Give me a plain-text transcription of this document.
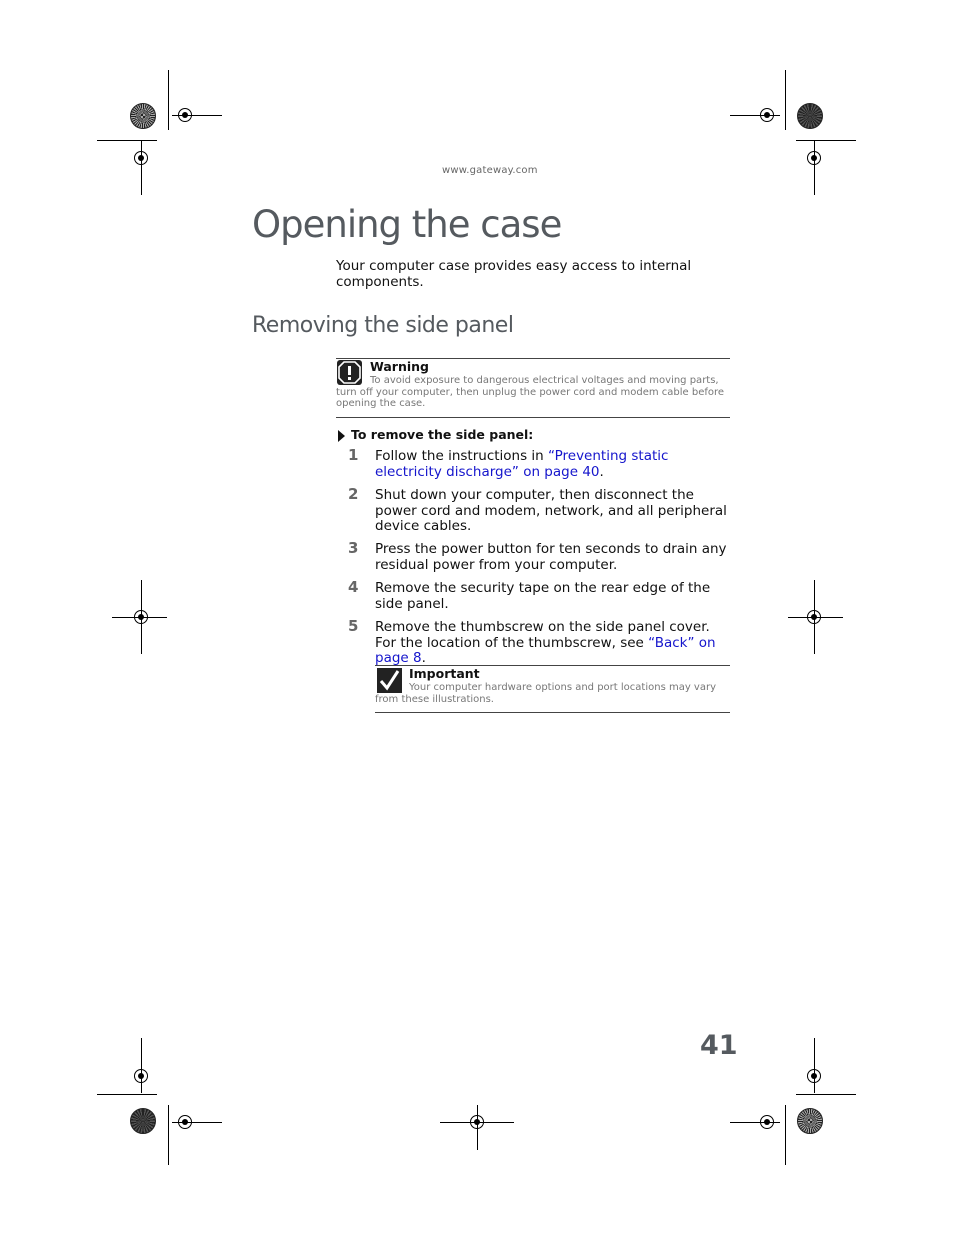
www.gateway.com
Opening the case

Your computer case provides easy access to internal components.

Removing the side panel
Warning
To avoid exposure to dangerous electrical voltages and moving parts, turn off your computer, then unplug the power cord and modem cable before opening the case.
To remove the side panel:
1 Follow the instructions in “Preventing static electricity discharge” on page 40.
2 Shut down your computer, then disconnect the power cord and modem, network, and all peripheral device cables.
3 Press the power button for ten seconds to drain any residual power from your computer.
4 Remove the security tape on the rear edge of the side panel.
5 Remove the thumbscrew on the side panel cover. For the location of the thumbscrew, see “Back” on page 8.
Important
Your computer hardware options and port locations may vary from these illustrations.
41
